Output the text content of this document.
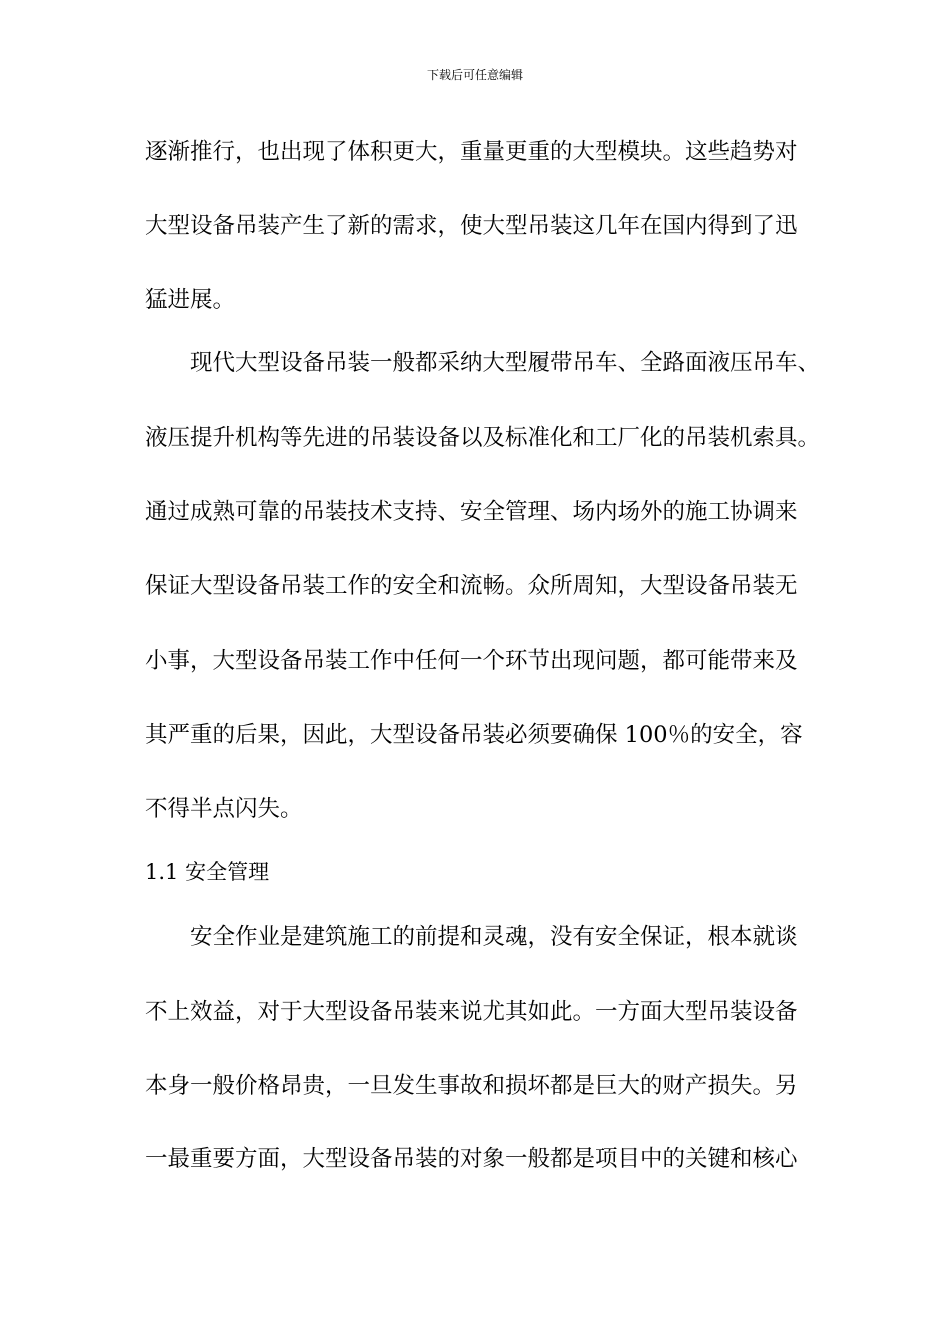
下载后可任意编辑
逐渐推行，也出现了体积更大，重量更重的大型模块。这些趋势对
大型设备吊装产生了新的需求，使大型吊装这几年在国内得到了迅
猛进展。
　　现代大型设备吊装一般都采纳大型履带吊车、全路面液压吊车、
液压提升机构等先进的吊装设备以及标准化和工厂化的吊装机索具。
通过成熟可靠的吊装技术支持、安全管理、场内场外的施工协调来
保证大型设备吊装工作的安全和流畅。众所周知，大型设备吊装无
小事，大型设备吊装工作中任何一个环节出现问题，都可能带来及
其严重的后果，因此，大型设备吊装必须要确保 100％的安全，容
不得半点闪失。
1.1 安全管理
　　安全作业是建筑施工的前提和灵魂，没有安全保证，根本就谈
不上效益，对于大型设备吊装来说尤其如此。一方面大型吊装设备
本身一般价格昂贵，一旦发生事故和损坏都是巨大的财产损失。另
一最重要方面，大型设备吊装的对象一般都是项目中的关键和核心
